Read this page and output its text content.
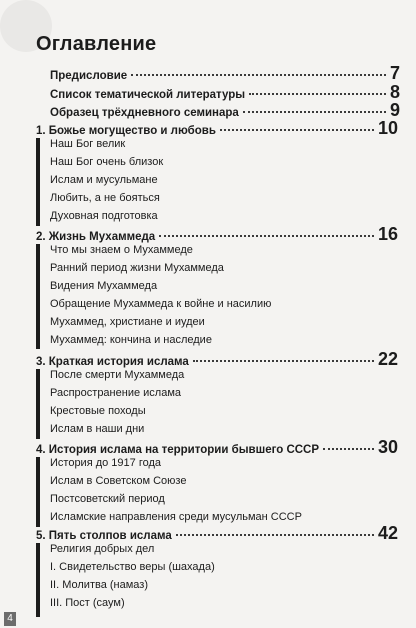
Оглавление
Предисловие	7
Список тематической литературы	8
Образец трёхдневного семинара	9
1. Божье могущество и любовь	10
Наш Бог велик
Наш Бог очень близок
Ислам и мусульмане
Любить, а не бояться
Духовная подготовка
2. Жизнь Мухаммеда	16
Что мы знаем о Мухаммеде
Ранний период жизни Мухаммеда
Видения Мухаммеда
Обращение Мухаммеда к войне и насилию
Мухаммед, христиане и иудеи
Мухаммед: кончина и наследие
3. Краткая история ислама	22
После смерти Мухаммеда
Распространение ислама
Крестовые походы
Ислам в наши дни
4. История ислама на территории бывшего СССР	30
История до 1917 года
Ислам в Советском Союзе
Постсоветский период
Исламские направления среди мусульман СССР
5. Пять столпов ислама	42
Религия добрых дел
I. Свидетельство веры (шахада)
II. Молитва (намаз)
III. Пост (саум)
4
